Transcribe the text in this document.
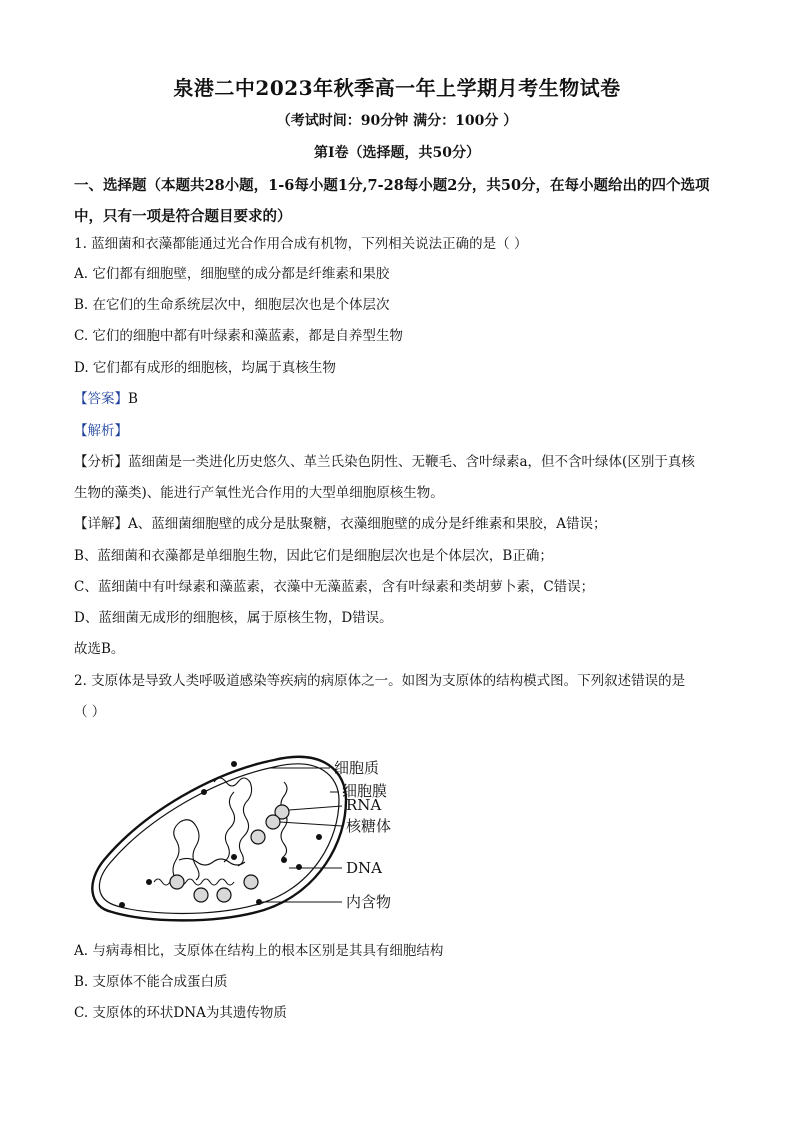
泉港二中2023年秋季高一年上学期月考生物试卷
（考试时间：90分钟 满分：100分 ）
第Ⅰ卷（选择题，共50分）
一、选择题（本题共28小题，1-6每小题1分,7-28每小题2分，共50分，在每小题给出的四个选项中，只有一项是符合题目要求的）
1. 蓝细菌和衣藻都能通过光合作用合成有机物，下列相关说法正确的是（ ）
A. 它们都有细胞壁，细胞壁的成分都是纤维素和果胶
B. 在它们的生命系统层次中，细胞层次也是个体层次
C. 它们的细胞中都有叶绿素和藻蓝素，都是自养型生物
D. 它们都有成形的细胞核，均属于真核生物
【答案】B
【解析】
【分析】蓝细菌是一类进化历史悠久、革兰氏染色阴性、无鞭毛、含叶绿素a，但不含叶绿体(区别于真核
生物的藻类)、能进行产氧性光合作用的大型单细胞原核生物。
【详解】A、蓝细菌细胞壁的成分是肽聚糖，衣藻细胞壁的成分是纤维素和果胶，A错误；
B、蓝细菌和衣藻都是单细胞生物，因此它们是细胞层次也是个体层次，B正确；
C、蓝细菌中有叶绿素和藻蓝素，衣藻中无藻蓝素，含有叶绿素和类胡萝卜素，C错误；
D、蓝细菌无成形的细胞核，属于原核生物，D错误。
故选B。
2. 支原体是导致人类呼吸道感染等疾病的病原体之一。如图为支原体的结构模式图。下列叙述错误的是
（ ）
细胞质
细胞膜
RNA
核糖体
DNA
内含物
A. 与病毒相比，支原体在结构上的根本区别是其具有细胞结构
B. 支原体不能合成蛋白质
C. 支原体的环状DNA为其遗传物质
